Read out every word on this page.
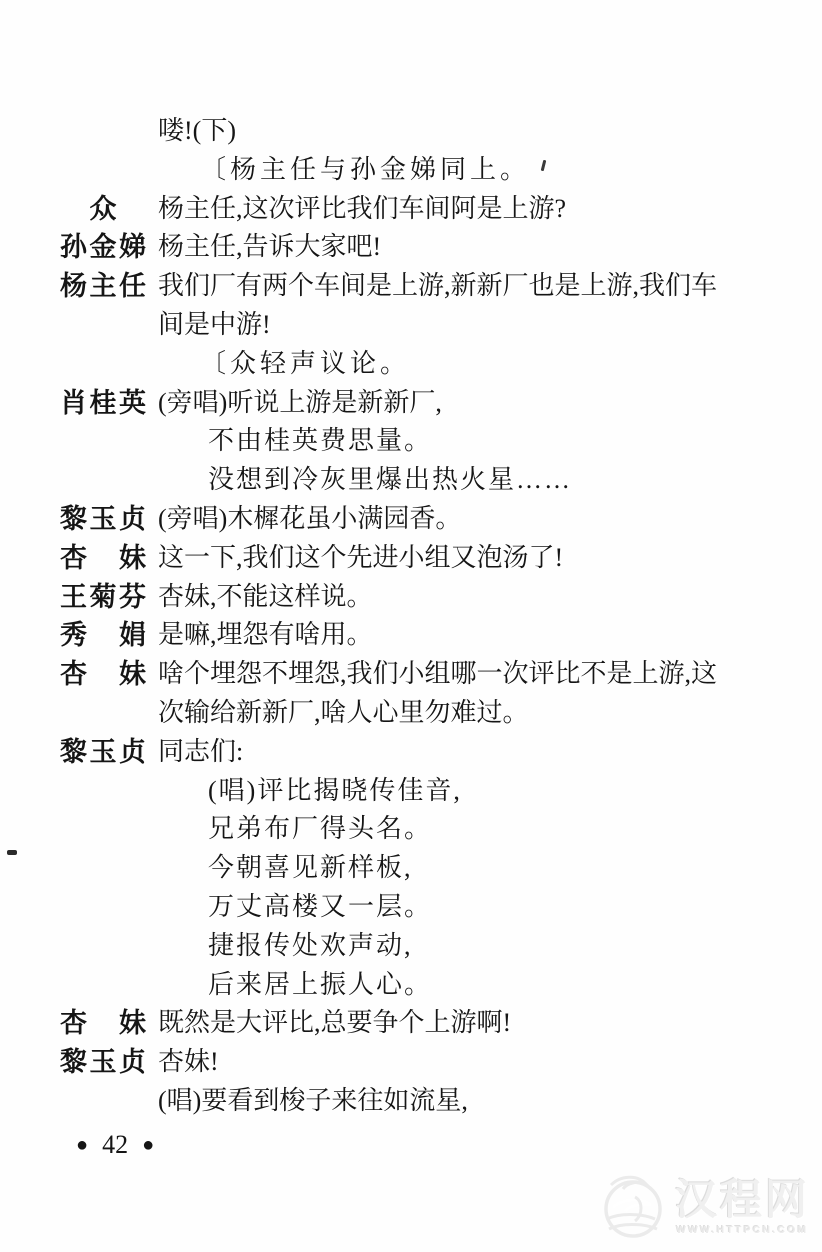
喽!(下)
〔杨主任与孙金娣同上。
众	杨主任,这次评比我们车间阿是上游?
孙金娣 杨主任,告诉大家吧!
杨主任 我们厂有两个车间是上游,新新厂也是上游,我们车
间是中游!
〔众轻声议论。
肖桂英 (旁唱)听说上游是新新厂,
不由桂英费思量。
没想到冷灰里爆出热火星……
黎玉贞 (旁唱)木樨花虽小满园香。
杏　妹 这一下,我们这个先进小组又泡汤了!
王菊芬 杏妹,不能这样说。
秀　娟 是嘛,埋怨有啥用。
杏　妹 啥个埋怨不埋怨,我们小组哪一次评比不是上游,这
次输给新新厂,啥人心里勿难过。
黎玉贞 同志们:
(唱)评比揭晓传佳音,
兄弟布厂得头名。
今朝喜见新样板,
万丈高楼又一层。
捷报传处欢声动,
后来居上振人心。
杏　妹 既然是大评比,总要争个上游啊!
黎玉贞 杏妹!
(唱)要看到梭子来往如流星,
● 42 ●
汉程网
WWW.HTTPCN.COM
